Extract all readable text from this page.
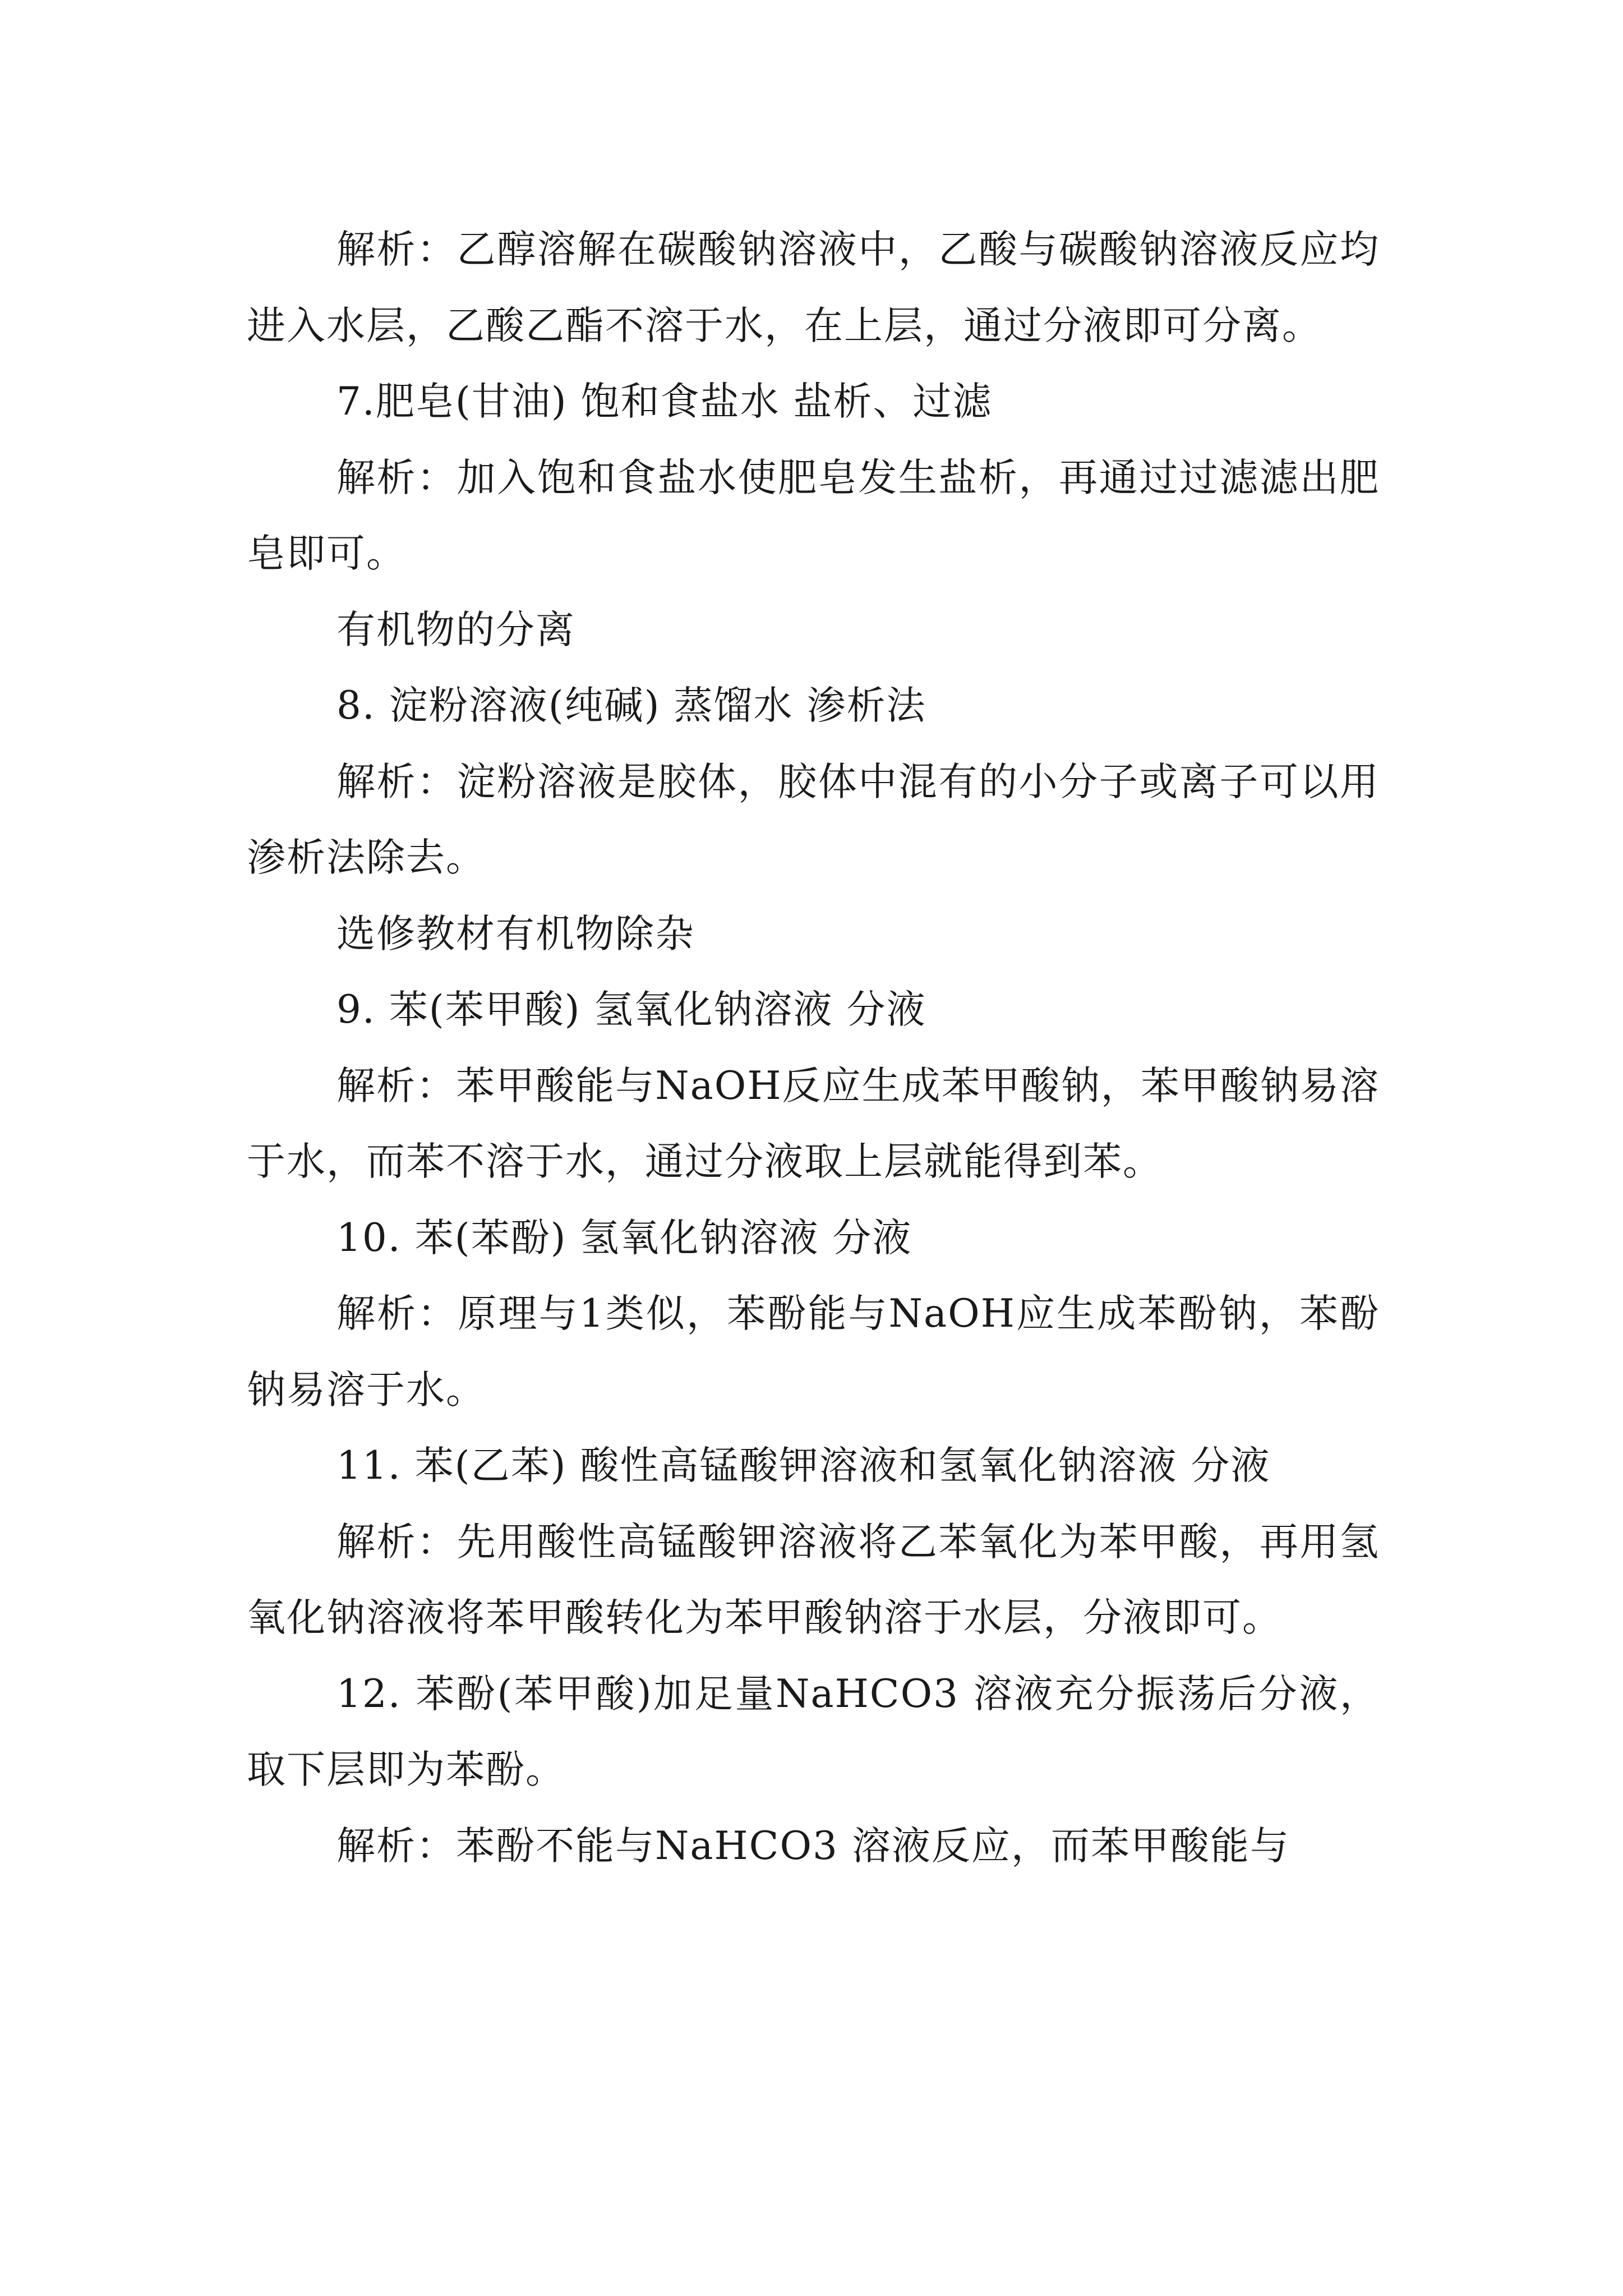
解析：乙醇溶解在碳酸钠溶液中，乙酸与碳酸钠溶液反应均进入水层，乙酸乙酯不溶于水，在上层，通过分液即可分离。

7.肥皂(甘油) 饱和食盐水 盐析、过滤

解析：加入饱和食盐水使肥皂发生盐析，再通过过滤滤出肥皂即可。

有机物的分离

8. 淀粉溶液(纯碱) 蒸馏水 渗析法

解析：淀粉溶液是胶体，胶体中混有的小分子或离子可以用渗析法除去。

选修教材有机物除杂

9. 苯(苯甲酸) 氢氧化钠溶液 分液

解析：苯甲酸能与NaOH反应生成苯甲酸钠，苯甲酸钠易溶于水，而苯不溶于水，通过分液取上层就能得到苯。

10. 苯(苯酚) 氢氧化钠溶液 分液

解析：原理与1类似，苯酚能与NaOH应生成苯酚钠，苯酚钠易溶于水。

11. 苯(乙苯) 酸性高锰酸钾溶液和氢氧化钠溶液 分液

解析：先用酸性高锰酸钾溶液将乙苯氧化为苯甲酸，再用氢氧化钠溶液将苯甲酸转化为苯甲酸钠溶于水层，分液即可。

12. 苯酚(苯甲酸)加足量NaHCO3 溶液充分振荡后分液，取下层即为苯酚。

解析：苯酚不能与NaHCO3 溶液反应，而苯甲酸能与
